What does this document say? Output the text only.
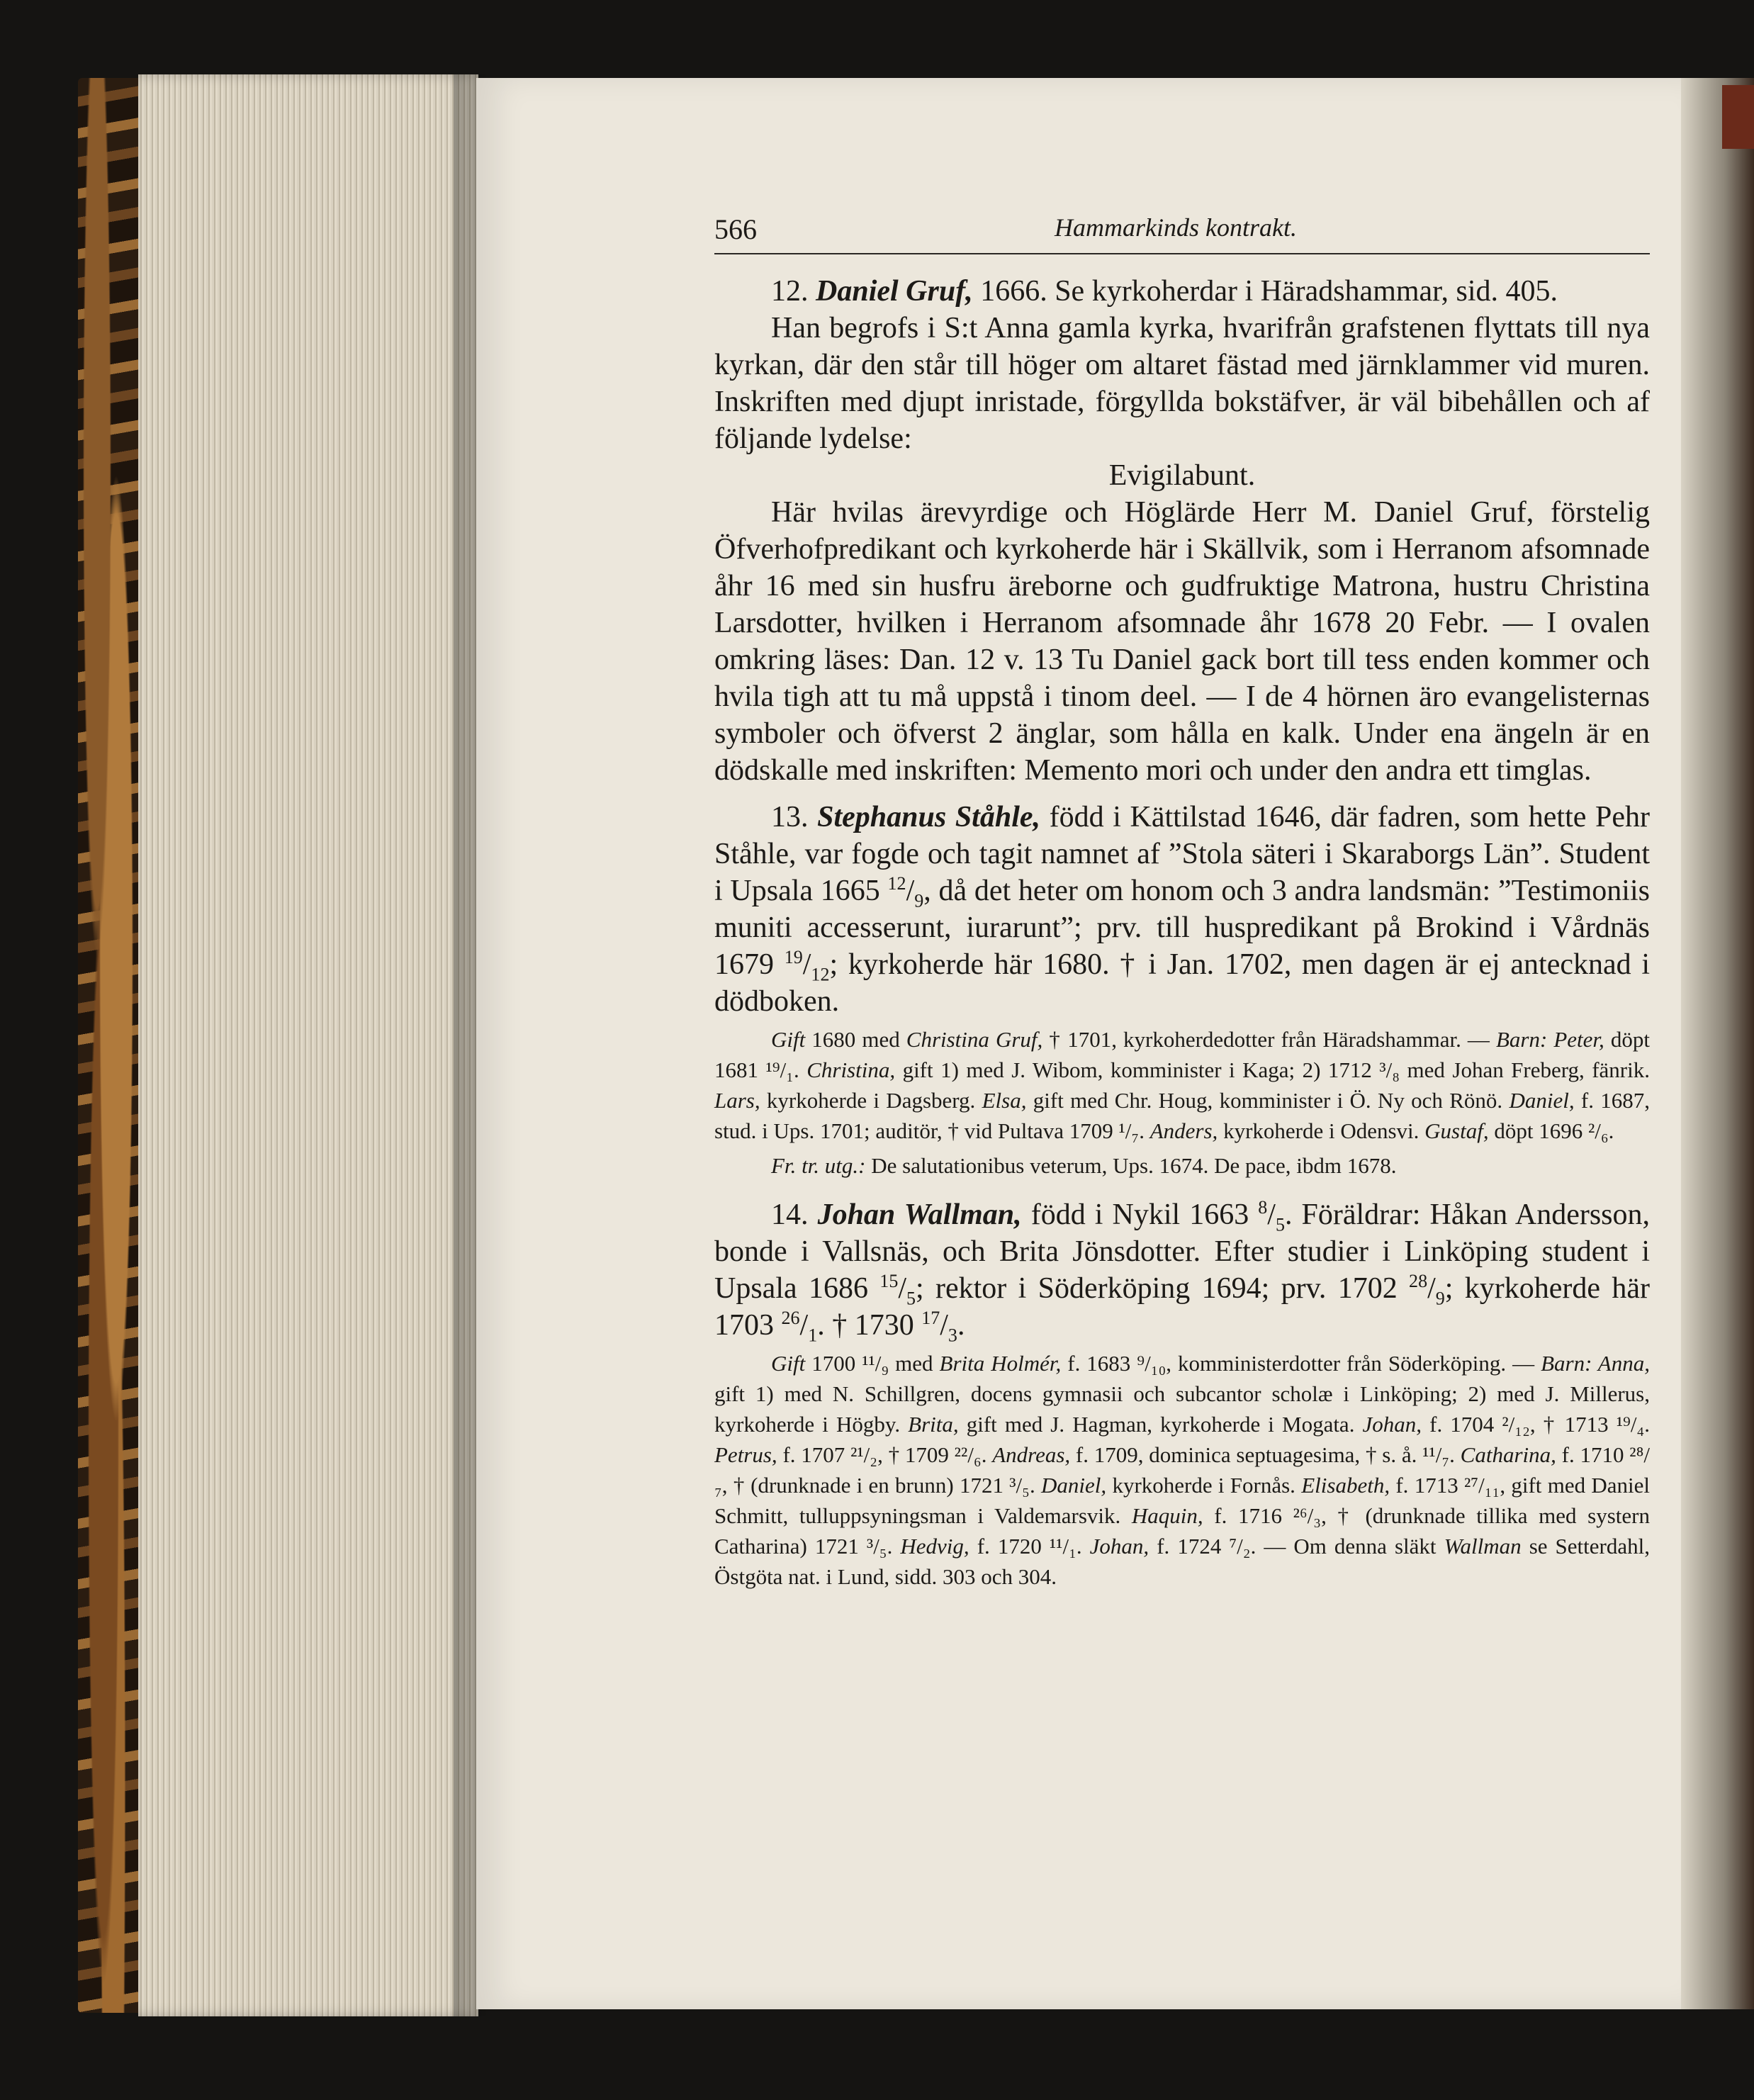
566	Hammarkinds kontrakt.

12. Daniel Gruf, 1666. Se kyrkoherdar i Häradshammar, sid. 405.

Han begrofs i S:t Anna gamla kyrka, hvarifrån grafstenen flyttats till nya kyrkan, där den står till höger om altaret fästad med järnklammer vid muren. Inskriften med djupt inristade, förgyllda bokstäfver, är väl bibehållen och af följande lydelse:

Evigilabunt.

Här hvilas ärevyrdige och Höglärde Herr M. Daniel Gruf, förstelig Öfverhofpredikant och kyrkoherde här i Skällvik, som i Herranom afsomnade åhr 16 med sin husfru äreborne och gudfruktige Matrona, hustru Christina Larsdotter, hvilken i Herranom afsomnade åhr 1678 20 Febr. — I ovalen omkring läses: Dan. 12 v. 13 Tu Daniel gack bort till tess enden kommer och hvila tigh att tu må uppstå i tinom deel. — I de 4 hörnen äro evangelisternas symboler och öfverst 2 änglar, som hålla en kalk. Under ena ängeln är en dödskalle med inskriften: Memento mori och under den andra ett timglas.

13. Stephanus Ståhle, född i Kättilstad 1646, där fadren, som hette Pehr Ståhle, var fogde och tagit namnet af ”Stola säteri i Skaraborgs Län”. Student i Upsala 1665 $^{12}/_9$, då det heter om honom och 3 andra landsmän: ”Testimoniis muniti accesserunt, iurarunt”; prv. till huspredikant på Brokind i Vårdnäs 1679 $^{19}/_{12}$; kyrkoherde här 1680. † i Jan. 1702, men dagen är ej antecknad i dödboken.

Gift 1680 med Christina Gruf, † 1701, kyrkoherdedotter från Häradshammar. — Barn: Peter, döpt 1681 ¹⁹/₁. Christina, gift 1) med J. Wibom, komminister i Kaga; 2) 1712 ³/₈ med Johan Freberg, fänrik. Lars, kyrkoherde i Dagsberg. Elsa, gift med Chr. Houg, komminister i Ö. Ny och Rönö. Daniel, f. 1687, stud. i Ups. 1701; auditör, † vid Pultava 1709 ¹/₇. Anders, kyrkoherde i Odensvi. Gustaf, döpt 1696 ²/₆.

Fr. tr. utg.: De salutationibus veterum, Ups. 1674. De pace, ibdm 1678.

14. Johan Wallman, född i Nykil 1663 $^8/_5$. Föräldrar: Håkan Andersson, bonde i Vallsnäs, och Brita Jönsdotter. Efter studier i Linköping student i Upsala 1686 $^{15}/_5$; rektor i Söderköping 1694; prv. 1702 $^{28}/_9$; kyrkoherde här 1703 $^{26}/_1$. † 1730 $^{17}/_3$.

Gift 1700 ¹¹/₉ med Brita Holmér, f. 1683 ⁹/₁₀, komministerdotter från Söderköping. — Barn: Anna, gift 1) med N. Schillgren, docens gymnasii och subcantor scholæ i Linköping; 2) med J. Millerus, kyrkoherde i Högby. Brita, gift med J. Hagman, kyrkoherde i Mogata. Johan, f. 1704 ²/₁₂, † 1713 ¹⁹/₄. Petrus, f. 1707 ²¹/₂, † 1709 ²²/₆. Andreas, f. 1709, dominica septuagesima, † s. å. ¹¹/₇. Catharina, f. 1710 ²⁸/₇, † (drunknade i en brunn) 1721 ³/₅. Daniel, kyrkoherde i Fornås. Elisabeth, f. 1713 ²⁷/₁₁, gift med Daniel Schmitt, tulluppsyningsman i Valdemarsvik. Haquin, f. 1716 ²⁶/₃, † (drunknade tillika med systern Catharina) 1721 ³/₅. Hedvig, f. 1720 ¹¹/₁. Johan, f. 1724 ⁷/₂. — Om denna släkt Wallman se Setterdahl, Östgöta nat. i Lund, sidd. 303 och 304.
